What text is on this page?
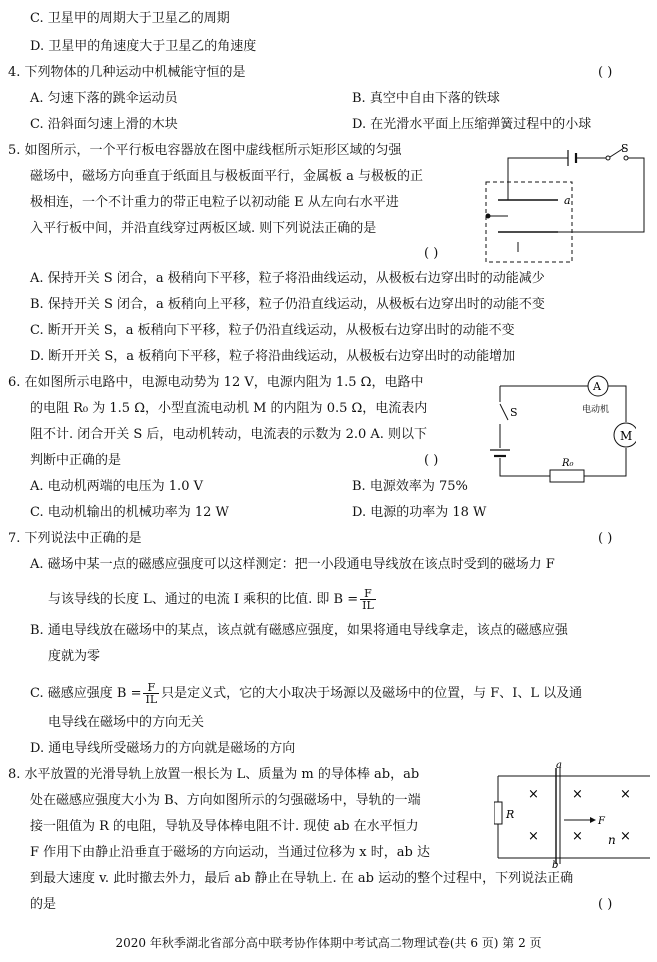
C. 卫星甲的周期大于卫星乙的周期
D. 卫星甲的角速度大于卫星乙的角速度
4. 下列物体的几种运动中机械能守恒的是	( )
A. 匀速下落的跳伞运动员	B. 真空中自由下落的铁球
C. 沿斜面匀速上滑的木块	D. 在光滑水平面上压缩弹簧过程中的小球
5. 如图所示，一个平行板电容器放在图中虚线框所示矩形区域的匀强
磁场中，磁场方向垂直于纸面且与极板面平行，金属板 a 与极板的正
极相连，一个不计重力的带正电粒子以初动能 E 从左向右水平进
入平行板中间，并沿直线穿过两板区域. 则下列说法正确的是
( )
S
a
A. 保持开关 S 闭合，a 极稍向下平移，粒子将沿曲线运动，从极板右边穿出时的动能减少
B. 保持开关 S 闭合，a 板稍向上平移，粒子仍沿直线运动，从极板右边穿出时的动能不变
C. 断开开关 S，a 板稍向下平移，粒子仍沿直线运动，从极板右边穿出时的动能不变
D. 断开开关 S，a 板稍向下平移，粒子将沿曲线运动，从极板右边穿出时的动能增加
6. 在如图所示电路中，电源电动势为 12 V，电源内阻为 1.5 Ω，电路中
的电阻 R₀ 为 1.5 Ω，小型直流电动机 M 的内阻为 0.5 Ω，电流表内
阻不计. 闭合开关 S 后，电动机转动，电流表的示数为 2.0 A. 则以下
判断中正确的是	( )
A
S
R₀
M
电动机
A. 电动机两端的电压为 1.0 V	B. 电源效率为 75%
C. 电动机输出的机械功率为 12 W	D. 电源的功率为 18 W
7. 下列说法中正确的是	( )
A. 磁场中某一点的磁感应强度可以这样测定：把一小段通电导线放在该点时受到的磁场力 F
与该导线的长度 L、通过的电流 I 乘积的比值. 即 $B = \frac{F}{IL}$
B. 通电导线放在磁场中的某点，该点就有磁感应强度，如果将通电导线拿走，该点的磁感应强
度就为零
C. 磁感应强度 $B = \frac{F}{IL}$ 只是定义式，它的大小取决于场源以及磁场中的位置，与 F、I、L 以及通
电导线在磁场中的方向无关
D. 通电导线所受磁场力的方向就是磁场的方向
8. 水平放置的光滑导轨上放置一根长为 L、质量为 m 的导体棒 ab，ab
处在磁感应强度大小为 B、方向如图所示的匀强磁场中，导轨的一端
接一阻值为 R 的电阻，导轨及导体棒电阻不计. 现使 ab 在水平恒力
F 作用下由静止沿垂直于磁场的方向运动，当通过位移为 x 时，ab 达
到最大速度 v. 此时撤去外力，最后 ab 静止在导轨上. 在 ab 运动的整个过程中，下列说法正确
的是	( )
R
a
b
×
×
×
×
×
×
F
n
2020 年秋季湖北省部分高中联考协作体期中考试高二物理试卷(共 6 页) 第 2 页
